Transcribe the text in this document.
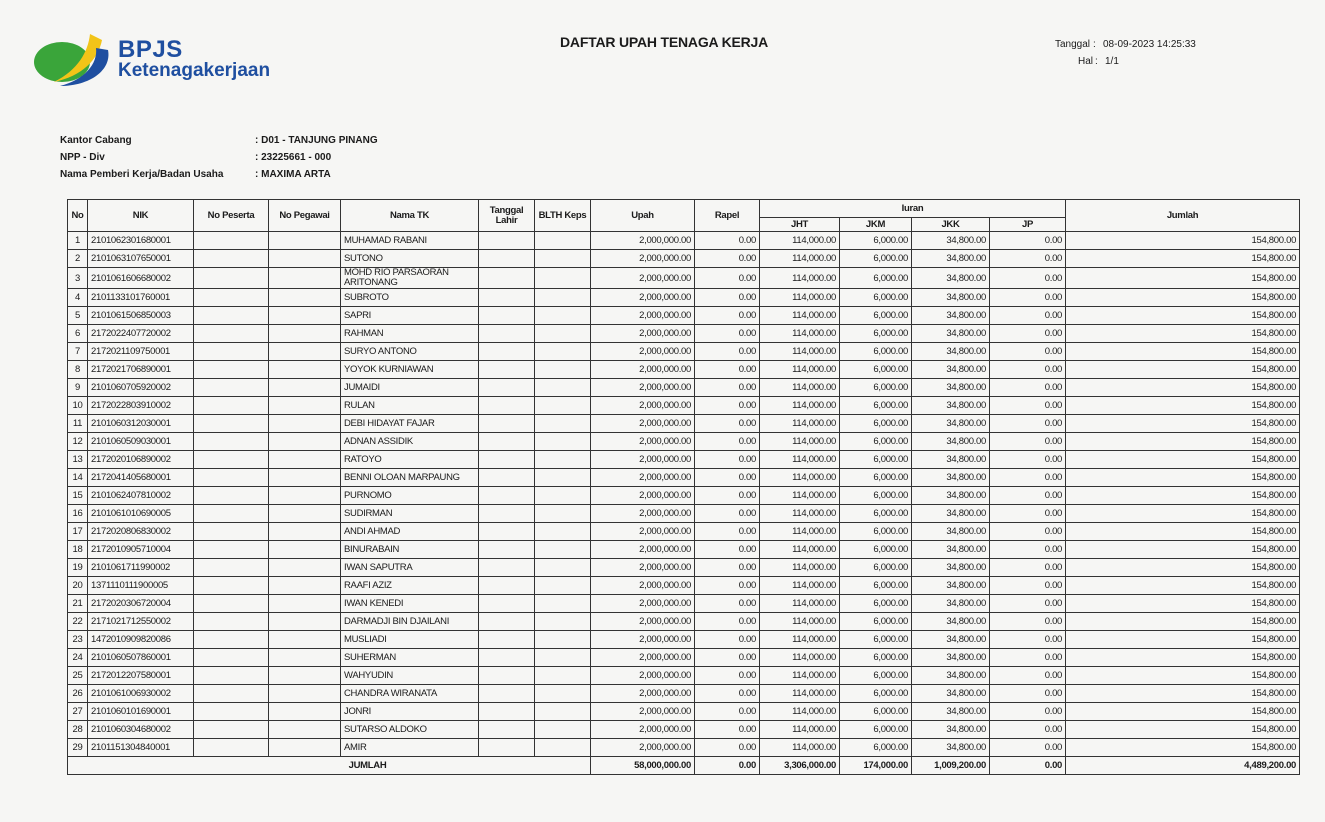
BPJS
Ketenagakerjaan
DAFTAR UPAH TENAGA KERJA	Tanggal : 08-09-2023 14:25:33
Hal : 1/1
Kantor Cabang	: D01 - TANJUNG PINANG
NPP - Div	: 23225661 - 000
Nama Pemberi Kerja/Badan Usaha	: MAXIMA ARTA
No	NIK	No Peserta	No Pegawai	Nama TK	Tanggal Lahir	BLTH Keps	Upah	Rapel	Iuran				Jumlah
									JHT	JKM	JKK	JP	
1	2101062301680001			MUHAMAD RABANI			2,000,000.00	0.00	114,000.00	6,000.00	34,800.00	0.00	154,800.00
2	2101063107650001			SUTONO			2,000,000.00	0.00	114,000.00	6,000.00	34,800.00	0.00	154,800.00
3	2101061606680002			MOHD RIO PARSAORAN ARITONANG			2,000,000.00	0.00	114,000.00	6,000.00	34,800.00	0.00	154,800.00
4	2101133101760001			SUBROTO			2,000,000.00	0.00	114,000.00	6,000.00	34,800.00	0.00	154,800.00
5	2101061506850003			SAPRI			2,000,000.00	0.00	114,000.00	6,000.00	34,800.00	0.00	154,800.00
6	2172022407720002			RAHMAN			2,000,000.00	0.00	114,000.00	6,000.00	34,800.00	0.00	154,800.00
7	2172021109750001			SURYO ANTONO			2,000,000.00	0.00	114,000.00	6,000.00	34,800.00	0.00	154,800.00
8	2172021706890001			YOYOK KURNIAWAN			2,000,000.00	0.00	114,000.00	6,000.00	34,800.00	0.00	154,800.00
9	2101060705920002			JUMAIDI			2,000,000.00	0.00	114,000.00	6,000.00	34,800.00	0.00	154,800.00
10	2172022803910002			RULAN			2,000,000.00	0.00	114,000.00	6,000.00	34,800.00	0.00	154,800.00
11	2101060312030001			DEBI HIDAYAT FAJAR			2,000,000.00	0.00	114,000.00	6,000.00	34,800.00	0.00	154,800.00
12	2101060509030001			ADNAN ASSIDIK			2,000,000.00	0.00	114,000.00	6,000.00	34,800.00	0.00	154,800.00
13	2172020106890002			RATOYO			2,000,000.00	0.00	114,000.00	6,000.00	34,800.00	0.00	154,800.00
14	2172041405680001			BENNI OLOAN MARPAUNG			2,000,000.00	0.00	114,000.00	6,000.00	34,800.00	0.00	154,800.00
15	2101062407810002			PURNOMO			2,000,000.00	0.00	114,000.00	6,000.00	34,800.00	0.00	154,800.00
16	2101061010690005			SUDIRMAN			2,000,000.00	0.00	114,000.00	6,000.00	34,800.00	0.00	154,800.00
17	2172020806830002			ANDI AHMAD			2,000,000.00	0.00	114,000.00	6,000.00	34,800.00	0.00	154,800.00
18	2172010905710004			BINURABAIN			2,000,000.00	0.00	114,000.00	6,000.00	34,800.00	0.00	154,800.00
19	2101061711990002			IWAN SAPUTRA			2,000,000.00	0.00	114,000.00	6,000.00	34,800.00	0.00	154,800.00
20	1371110111900005			RAAFI AZIZ			2,000,000.00	0.00	114,000.00	6,000.00	34,800.00	0.00	154,800.00
21	2172020306720004			IWAN KENEDI			2,000,000.00	0.00	114,000.00	6,000.00	34,800.00	0.00	154,800.00
22	2171021712550002			DARMADJI BIN DJAILANI			2,000,000.00	0.00	114,000.00	6,000.00	34,800.00	0.00	154,800.00
23	1472010909820086			MUSLIADI			2,000,000.00	0.00	114,000.00	6,000.00	34,800.00	0.00	154,800.00
24	2101060507860001			SUHERMAN			2,000,000.00	0.00	114,000.00	6,000.00	34,800.00	0.00	154,800.00
25	2172012207580001			WAHYUDIN			2,000,000.00	0.00	114,000.00	6,000.00	34,800.00	0.00	154,800.00
26	2101061006930002			CHANDRA WIRANATA			2,000,000.00	0.00	114,000.00	6,000.00	34,800.00	0.00	154,800.00
27	2101060101690001			JONRI			2,000,000.00	0.00	114,000.00	6,000.00	34,800.00	0.00	154,800.00
28	2101060304680002			SUTARSO ALDOKO			2,000,000.00	0.00	114,000.00	6,000.00	34,800.00	0.00	154,800.00
29	2101151304840001			AMIR			2,000,000.00	0.00	114,000.00	6,000.00	34,800.00	0.00	154,800.00
JUMLAH							58,000,000.00	0.00	3,306,000.00	174,000.00	1,009,200.00	0.00	4,489,200.00
